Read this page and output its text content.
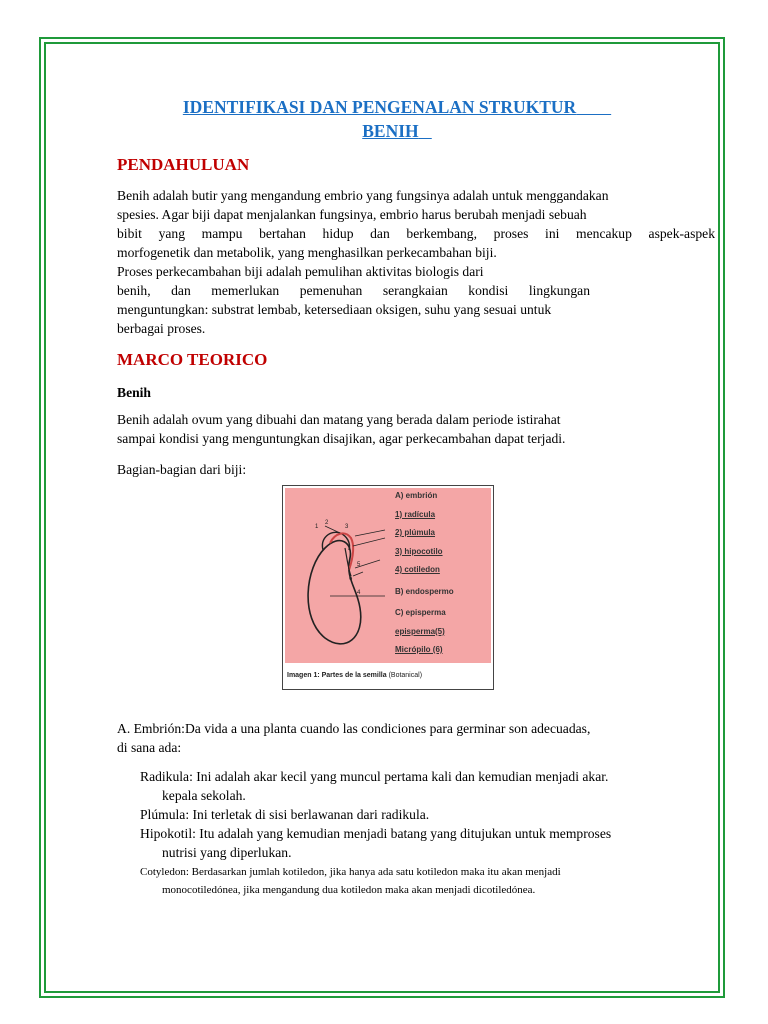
IDENTIFIKASI DAN PENGENALAN STRUKTUR
BENIH
PENDAHULUAN
Benih adalah butir yang mengandung embrio yang fungsinya adalah untuk menggandakan
spesies. Agar biji dapat menjalankan fungsinya, embrio harus berubah menjadi sebuah
bibit yang mampu bertahan hidup dan berkembang, proses ini mencakup aspek-aspek
morfogenetik dan metabolik, yang menghasilkan perkecambahan biji.
Proses perkecambahan biji adalah pemulihan aktivitas biologis dari
benih, dan memerlukan pemenuhan serangkaian kondisi lingkungan
menguntungkan: substrat lembab, ketersediaan oksigen, suhu yang sesuai untuk
berbagai proses.
MARCO TEORICO
Benih
Benih adalah ovum yang dibuahi dan matang yang berada dalam periode istirahat
sampai kondisi yang menguntungkan disajikan, agar perkecambahan dapat terjadi.
Bagian-bagian dari biji:
1
2
3
4
5
6
A) embrión
1) radícula
2) plúmula
3) hipocotilo
4) cotiledon
B) endospermo
C) episperma
episperma(5)
Micrópilo (6)
Imagen 1: Partes de la semilla (Botanical)
A. Embrión:Da vida a una planta cuando las condiciones para germinar son adecuadas,
di sana ada:
Radikula: Ini adalah akar kecil yang muncul pertama kali dan kemudian menjadi akar.
kepala sekolah.
Plúmula: Ini terletak di sisi berlawanan dari radikula.
Hipokotil: Itu adalah yang kemudian menjadi batang yang ditujukan untuk memproses
nutrisi yang diperlukan.
Cotyledon: Berdasarkan jumlah kotiledon, jika hanya ada satu kotiledon maka itu akan menjadi
monocotiledónea, jika mengandung dua kotiledon maka akan menjadi dicotiledónea.
